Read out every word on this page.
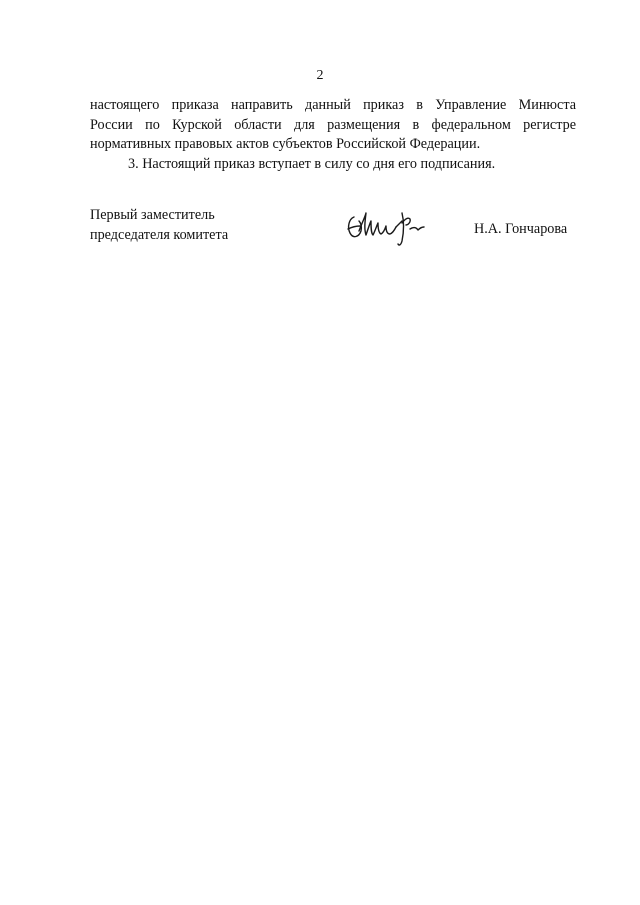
2

настоящего приказа направить данный приказ в Управление Минюста

России по Курской области для размещения в федеральном регистре

нормативных правовых актов субъектов Российской Федерации.

3. Настоящий приказ вступает в силу со дня его подписания.

Первый заместитель
председателя комитета	Н.А. Гончарова
